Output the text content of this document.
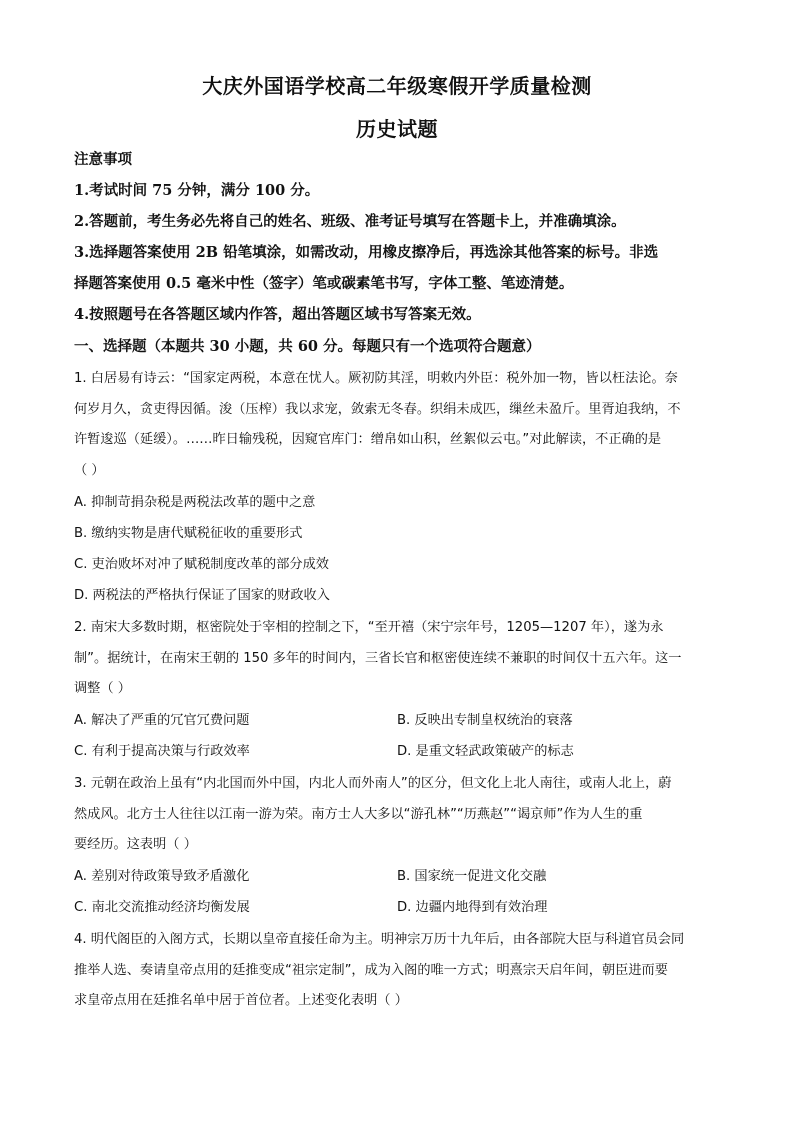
大庆外国语学校高二年级寒假开学质量检测
历史试题
注意事项
1.考试时间 75 分钟，满分 100 分。
2.答题前，考生务必先将自己的姓名、班级、准考证号填写在答题卡上，并准确填涂。
3.选择题答案使用 2B 铅笔填涂，如需改动，用橡皮擦净后，再选涂其他答案的标号。非选
择题答案使用 0.5 毫米中性（签字）笔或碳素笔书写，字体工整、笔迹清楚。
4.按照题号在各答题区域内作答，超出答题区域书写答案无效。
一、选择题（本题共 30 小题，共 60 分。每题只有一个选项符合题意）
1. 白居易有诗云：“国家定两税，本意在忧人。厥初防其淫，明敕内外臣：税外加一物，皆以枉法论。奈
何岁月久，贪吏得因循。浚（压榨）我以求宠，敛索无冬春。织绢未成匹，缫丝未盈斤。里胥迫我纳，不
许暂逡巡（延缓）。……昨日输残税，因窥官库门：缯帛如山积，丝絮似云屯。”对此解读，不正确的是
（ ）
A. 抑制苛捐杂税是两税法改革的题中之意
B. 缴纳实物是唐代赋税征收的重要形式
C. 吏治败坏对冲了赋税制度改革的部分成效
D. 两税法的严格执行保证了国家的财政收入
2. 南宋大多数时期，枢密院处于宰相的控制之下，“至开禧（宋宁宗年号，1205—1207 年），遂为永
制”。据统计，在南宋王朝的 150 多年的时间内，三省长官和枢密使连续不兼职的时间仅十五六年。这一
调整（ ）
A. 解决了严重的冗官冗费问题	B. 反映出专制皇权统治的衰落
C. 有利于提高决策与行政效率	D. 是重文轻武政策破产的标志
3. 元朝在政治上虽有“内北国而外中国，内北人而外南人”的区分，但文化上北人南往，或南人北上，蔚
然成风。北方士人往往以江南一游为荣。南方士人大多以“游孔林”“历燕赵”“谒京师”作为人生的重
要经历。这表明（ ）
A. 差别对待政策导致矛盾激化	B. 国家统一促进文化交融
C. 南北交流推动经济均衡发展	D. 边疆内地得到有效治理
4. 明代阁臣的入阁方式，长期以皇帝直接任命为主。明神宗万历十九年后，由各部院大臣与科道官员会同
推举人选、奏请皇帝点用的廷推变成“祖宗定制”，成为入阁的唯一方式；明熹宗天启年间，朝臣进而要
求皇帝点用在廷推名单中居于首位者。上述变化表明（ ）
